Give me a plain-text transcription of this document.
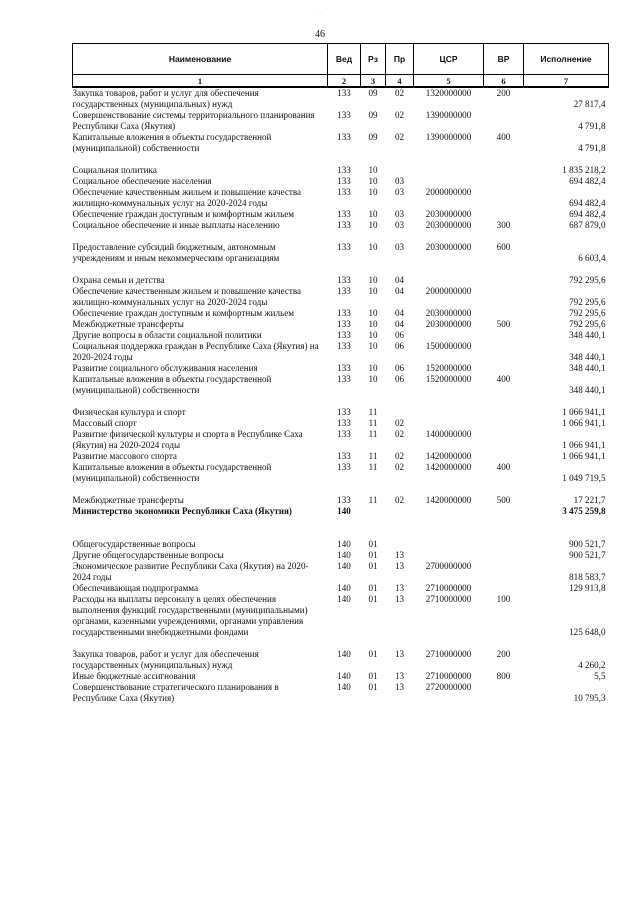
· · ·
46
Наименование	Вед	Рз	Пр	ЦСР	ВР	Исполнение
1	2	3	4	5	6	7
Закупка товаров, работ и услуг для обеспечения государственных (муниципальных) нужд	133	09	02	1320000000	200	27 817,4
Совершенствование системы территориального планирования Республики Саха (Якутия)	133	09	02	1390000000		4 791,8
Капитальные вложения в объекты государственной (муниципальной) собственности	133	09	02	1390000000	400	4 791,8

Социальная политика	133	10				1 835 218,2
Социальное обеспечение населения	133	10	03			694 482,4
Обеспечение качественным жильем и повышение качества жилищно-коммунальных услуг на 2020-2024 годы	133	10	03	2000000000		694 482,4
Обеспечение граждан доступным и комфортным жильем	133	10	03	2030000000		694 482,4
Социальное обеспечение и иные выплаты населению	133	10	03	2030000000	300	687 879,0

Предоставление субсидий бюджетным, автономным учреждениям и иным некоммерческим организациям	133	10	03	2030000000	600	6 603,4

Охрана семьи и детства	133	10	04			792 295,6
Обеспечение качественным жильем и повышение качества жилищно-коммунальных услуг на 2020-2024 годы	133	10	04	2000000000		792 295,6
Обеспечение граждан доступным и комфортным жильем	133	10	04	2030000000		792 295,6
Межбюджетные трансферты	133	10	04	2030000000	500	792 295,6
Другие вопросы в области социальной политики	133	10	06			348 440,1
Социальная поддержка граждан в Республике Саха (Якутия) на 2020-2024 годы	133	10	06	1500000000		348 440,1
Развитие социального обслуживания населения	133	10	06	1520000000		348 440,1
Капитальные вложения в объекты государственной (муниципальной) собственности	133	10	06	1520000000	400	348 440,1

Физическая культура и спорт	133	11				1 066 941,1
Массовый спорт	133	11	02			1 066 941,1
Развитие физической культуры и спорта в Республике Саха (Якутия) на 2020-2024 годы	133	11	02	1400000000		1 066 941,1
Развитие массового спорта	133	11	02	1420000000		1 066 941,1
Капитальные вложения в объекты государственной (муниципальной) собственности	133	11	02	1420000000	400	1 049 719,5

Межбюджетные трансферты	133	11	02	1420000000	500	17 221,7
Министерство экономики Республики Саха (Якутия)	140					3 475 259,8

Общегосударственные вопросы	140	01				900 521,7
Другие общегосударственные вопросы	140	01	13			900 521,7
Экономическое развитие Республики Саха (Якутия) на 2020-2024 годы	140	01	13	2700000000		818 583,7
Обеспечивающая подпрограмма	140	01	13	2710000000		129 913,8
Расходы на выплаты персоналу в целях обеспечения выполнения функций государственными (муниципальными) органами, казенными учреждениями, органами управления государственными внебюджетными фондами	140	01	13	2710000000	100	125 648,0

Закупка товаров, работ и услуг для обеспечения государственных (муниципальных) нужд	140	01	13	2710000000	200	4 260,2
Иные бюджетные ассигнования	140	01	13	2710000000	800	5,5
Совершенствование стратегического планирования в Республике Саха (Якутия)	140	01	13	2720000000		10 795,3
